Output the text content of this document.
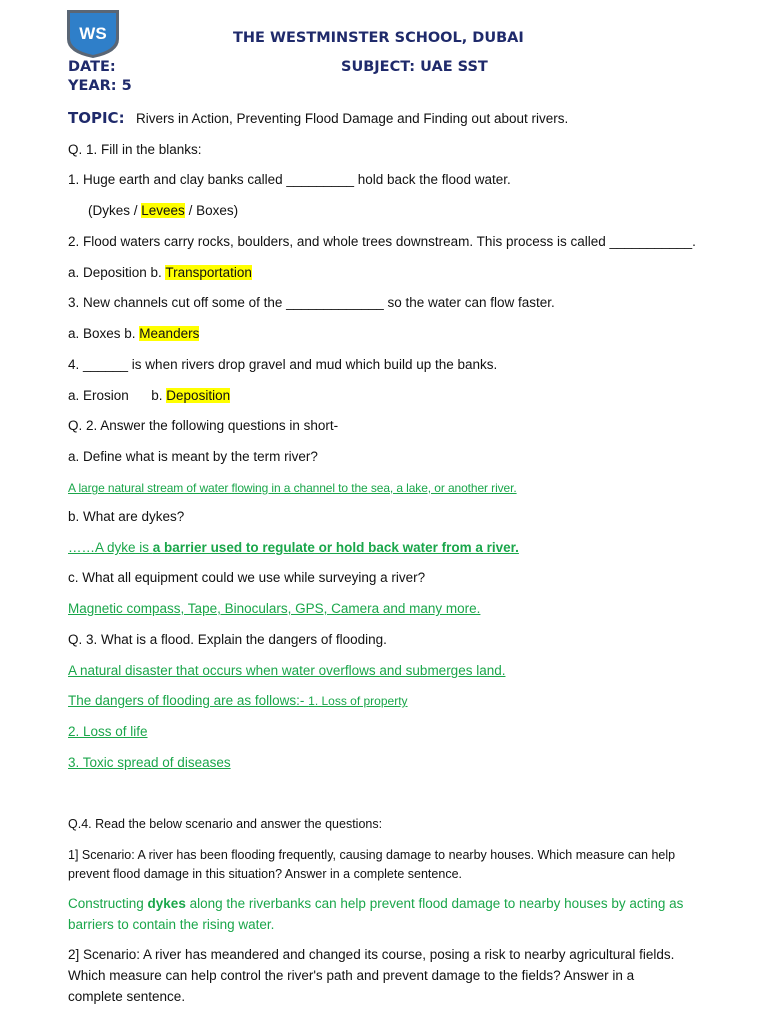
WS	THE WESTMINSTER SCHOOL, DUBAI
DATE:	SUBJECT: UAE SST
YEAR: 5
TOPIC: Rivers in Action, Preventing Flood Damage and Finding out about rivers.
Q. 1. Fill in the blanks:
1. Huge earth and clay banks called _________ hold back the flood water.
(Dykes / Levees / Boxes)
2. Flood waters carry rocks, boulders, and whole trees downstream. This process is called ___________.
a. Deposition b. Transportation
3. New channels cut off some of the _____________ so the water can flow faster.
a. Boxes b. Meanders
4. ______ is when rivers drop gravel and mud which build up the banks.
a. Erosion      b. Deposition
Q. 2. Answer the following questions in short-
a. Define what is meant by the term river?
A large natural stream of water flowing in a channel to the sea, a lake, or another river.
b. What are dykes?
……A dyke is a barrier used to regulate or hold back water from a river.
c. What all equipment could we use while surveying a river?
Magnetic compass, Tape, Binoculars, GPS, Camera and many more.
Q. 3. What is a flood. Explain the dangers of flooding.
A natural disaster that occurs when water overflows and submerges land.
The dangers of flooding are as follows:- 1. Loss of property
2. Loss of life
3. Toxic spread of diseases
Q.4. Read the below scenario and answer the questions:
1] Scenario: A river has been flooding frequently, causing damage to nearby houses. Which measure can help
prevent flood damage in this situation? Answer in a complete sentence.
Constructing dykes along the riverbanks can help prevent flood damage to nearby houses by acting as
barriers to contain the rising water.
2] Scenario: A river has meandered and changed its course, posing a risk to nearby agricultural fields.
Which measure can help control the river's path and prevent damage to the fields? Answer in a
complete sentence.
